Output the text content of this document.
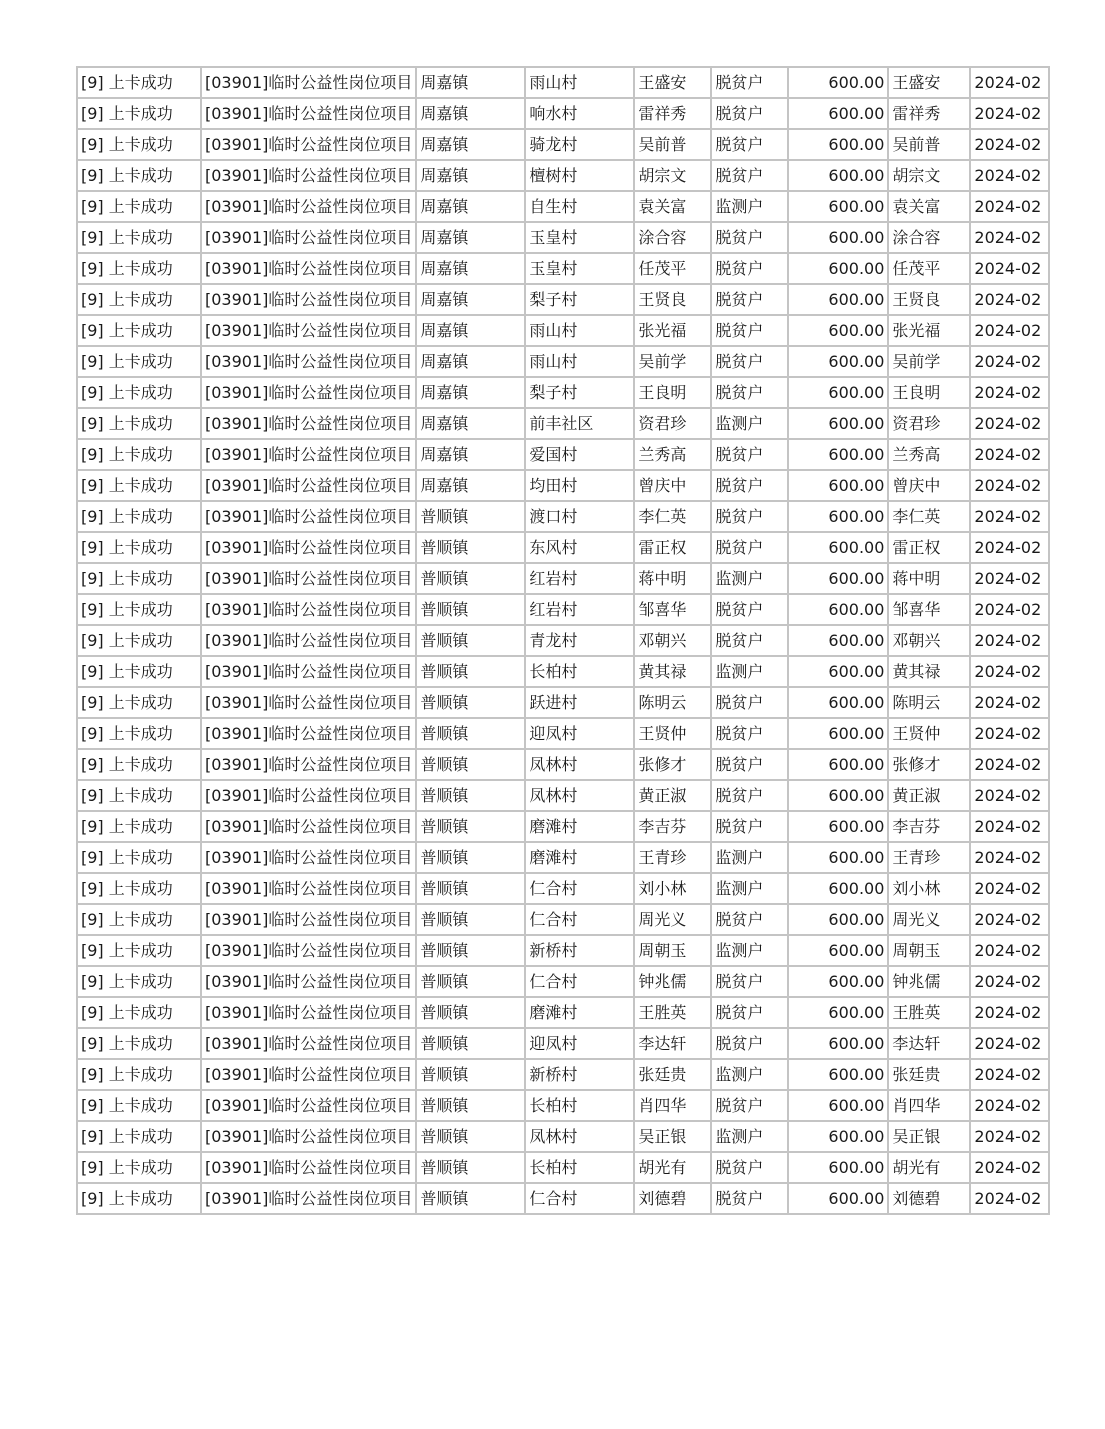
[9] 上卡成功	[03901]临时公益性岗位项目	周嘉镇	雨山村	王盛安	脱贫户	600.00	王盛安	2024-02
[9] 上卡成功	[03901]临时公益性岗位项目	周嘉镇	响水村	雷祥秀	脱贫户	600.00	雷祥秀	2024-02
[9] 上卡成功	[03901]临时公益性岗位项目	周嘉镇	骑龙村	吴前普	脱贫户	600.00	吴前普	2024-02
[9] 上卡成功	[03901]临时公益性岗位项目	周嘉镇	檀树村	胡宗文	脱贫户	600.00	胡宗文	2024-02
[9] 上卡成功	[03901]临时公益性岗位项目	周嘉镇	自生村	袁关富	监测户	600.00	袁关富	2024-02
[9] 上卡成功	[03901]临时公益性岗位项目	周嘉镇	玉皇村	涂合容	脱贫户	600.00	涂合容	2024-02
[9] 上卡成功	[03901]临时公益性岗位项目	周嘉镇	玉皇村	任茂平	脱贫户	600.00	任茂平	2024-02
[9] 上卡成功	[03901]临时公益性岗位项目	周嘉镇	梨子村	王贤良	脱贫户	600.00	王贤良	2024-02
[9] 上卡成功	[03901]临时公益性岗位项目	周嘉镇	雨山村	张光福	脱贫户	600.00	张光福	2024-02
[9] 上卡成功	[03901]临时公益性岗位项目	周嘉镇	雨山村	吴前学	脱贫户	600.00	吴前学	2024-02
[9] 上卡成功	[03901]临时公益性岗位项目	周嘉镇	梨子村	王良明	脱贫户	600.00	王良明	2024-02
[9] 上卡成功	[03901]临时公益性岗位项目	周嘉镇	前丰社区	资君珍	监测户	600.00	资君珍	2024-02
[9] 上卡成功	[03901]临时公益性岗位项目	周嘉镇	爱国村	兰秀高	脱贫户	600.00	兰秀高	2024-02
[9] 上卡成功	[03901]临时公益性岗位项目	周嘉镇	均田村	曾庆中	脱贫户	600.00	曾庆中	2024-02
[9] 上卡成功	[03901]临时公益性岗位项目	普顺镇	渡口村	李仁英	脱贫户	600.00	李仁英	2024-02
[9] 上卡成功	[03901]临时公益性岗位项目	普顺镇	东风村	雷正权	脱贫户	600.00	雷正权	2024-02
[9] 上卡成功	[03901]临时公益性岗位项目	普顺镇	红岩村	蒋中明	监测户	600.00	蒋中明	2024-02
[9] 上卡成功	[03901]临时公益性岗位项目	普顺镇	红岩村	邹喜华	脱贫户	600.00	邹喜华	2024-02
[9] 上卡成功	[03901]临时公益性岗位项目	普顺镇	青龙村	邓朝兴	脱贫户	600.00	邓朝兴	2024-02
[9] 上卡成功	[03901]临时公益性岗位项目	普顺镇	长柏村	黄其禄	监测户	600.00	黄其禄	2024-02
[9] 上卡成功	[03901]临时公益性岗位项目	普顺镇	跃进村	陈明云	脱贫户	600.00	陈明云	2024-02
[9] 上卡成功	[03901]临时公益性岗位项目	普顺镇	迎凤村	王贤仲	脱贫户	600.00	王贤仲	2024-02
[9] 上卡成功	[03901]临时公益性岗位项目	普顺镇	凤林村	张修才	脱贫户	600.00	张修才	2024-02
[9] 上卡成功	[03901]临时公益性岗位项目	普顺镇	凤林村	黄正淑	脱贫户	600.00	黄正淑	2024-02
[9] 上卡成功	[03901]临时公益性岗位项目	普顺镇	磨滩村	李吉芬	脱贫户	600.00	李吉芬	2024-02
[9] 上卡成功	[03901]临时公益性岗位项目	普顺镇	磨滩村	王青珍	监测户	600.00	王青珍	2024-02
[9] 上卡成功	[03901]临时公益性岗位项目	普顺镇	仁合村	刘小林	监测户	600.00	刘小林	2024-02
[9] 上卡成功	[03901]临时公益性岗位项目	普顺镇	仁合村	周光义	脱贫户	600.00	周光义	2024-02
[9] 上卡成功	[03901]临时公益性岗位项目	普顺镇	新桥村	周朝玉	监测户	600.00	周朝玉	2024-02
[9] 上卡成功	[03901]临时公益性岗位项目	普顺镇	仁合村	钟兆儒	脱贫户	600.00	钟兆儒	2024-02
[9] 上卡成功	[03901]临时公益性岗位项目	普顺镇	磨滩村	王胜英	脱贫户	600.00	王胜英	2024-02
[9] 上卡成功	[03901]临时公益性岗位项目	普顺镇	迎凤村	李达轩	脱贫户	600.00	李达轩	2024-02
[9] 上卡成功	[03901]临时公益性岗位项目	普顺镇	新桥村	张廷贵	监测户	600.00	张廷贵	2024-02
[9] 上卡成功	[03901]临时公益性岗位项目	普顺镇	长柏村	肖四华	脱贫户	600.00	肖四华	2024-02
[9] 上卡成功	[03901]临时公益性岗位项目	普顺镇	凤林村	吴正银	监测户	600.00	吴正银	2024-02
[9] 上卡成功	[03901]临时公益性岗位项目	普顺镇	长柏村	胡光有	脱贫户	600.00	胡光有	2024-02
[9] 上卡成功	[03901]临时公益性岗位项目	普顺镇	仁合村	刘德碧	脱贫户	600.00	刘德碧	2024-02
